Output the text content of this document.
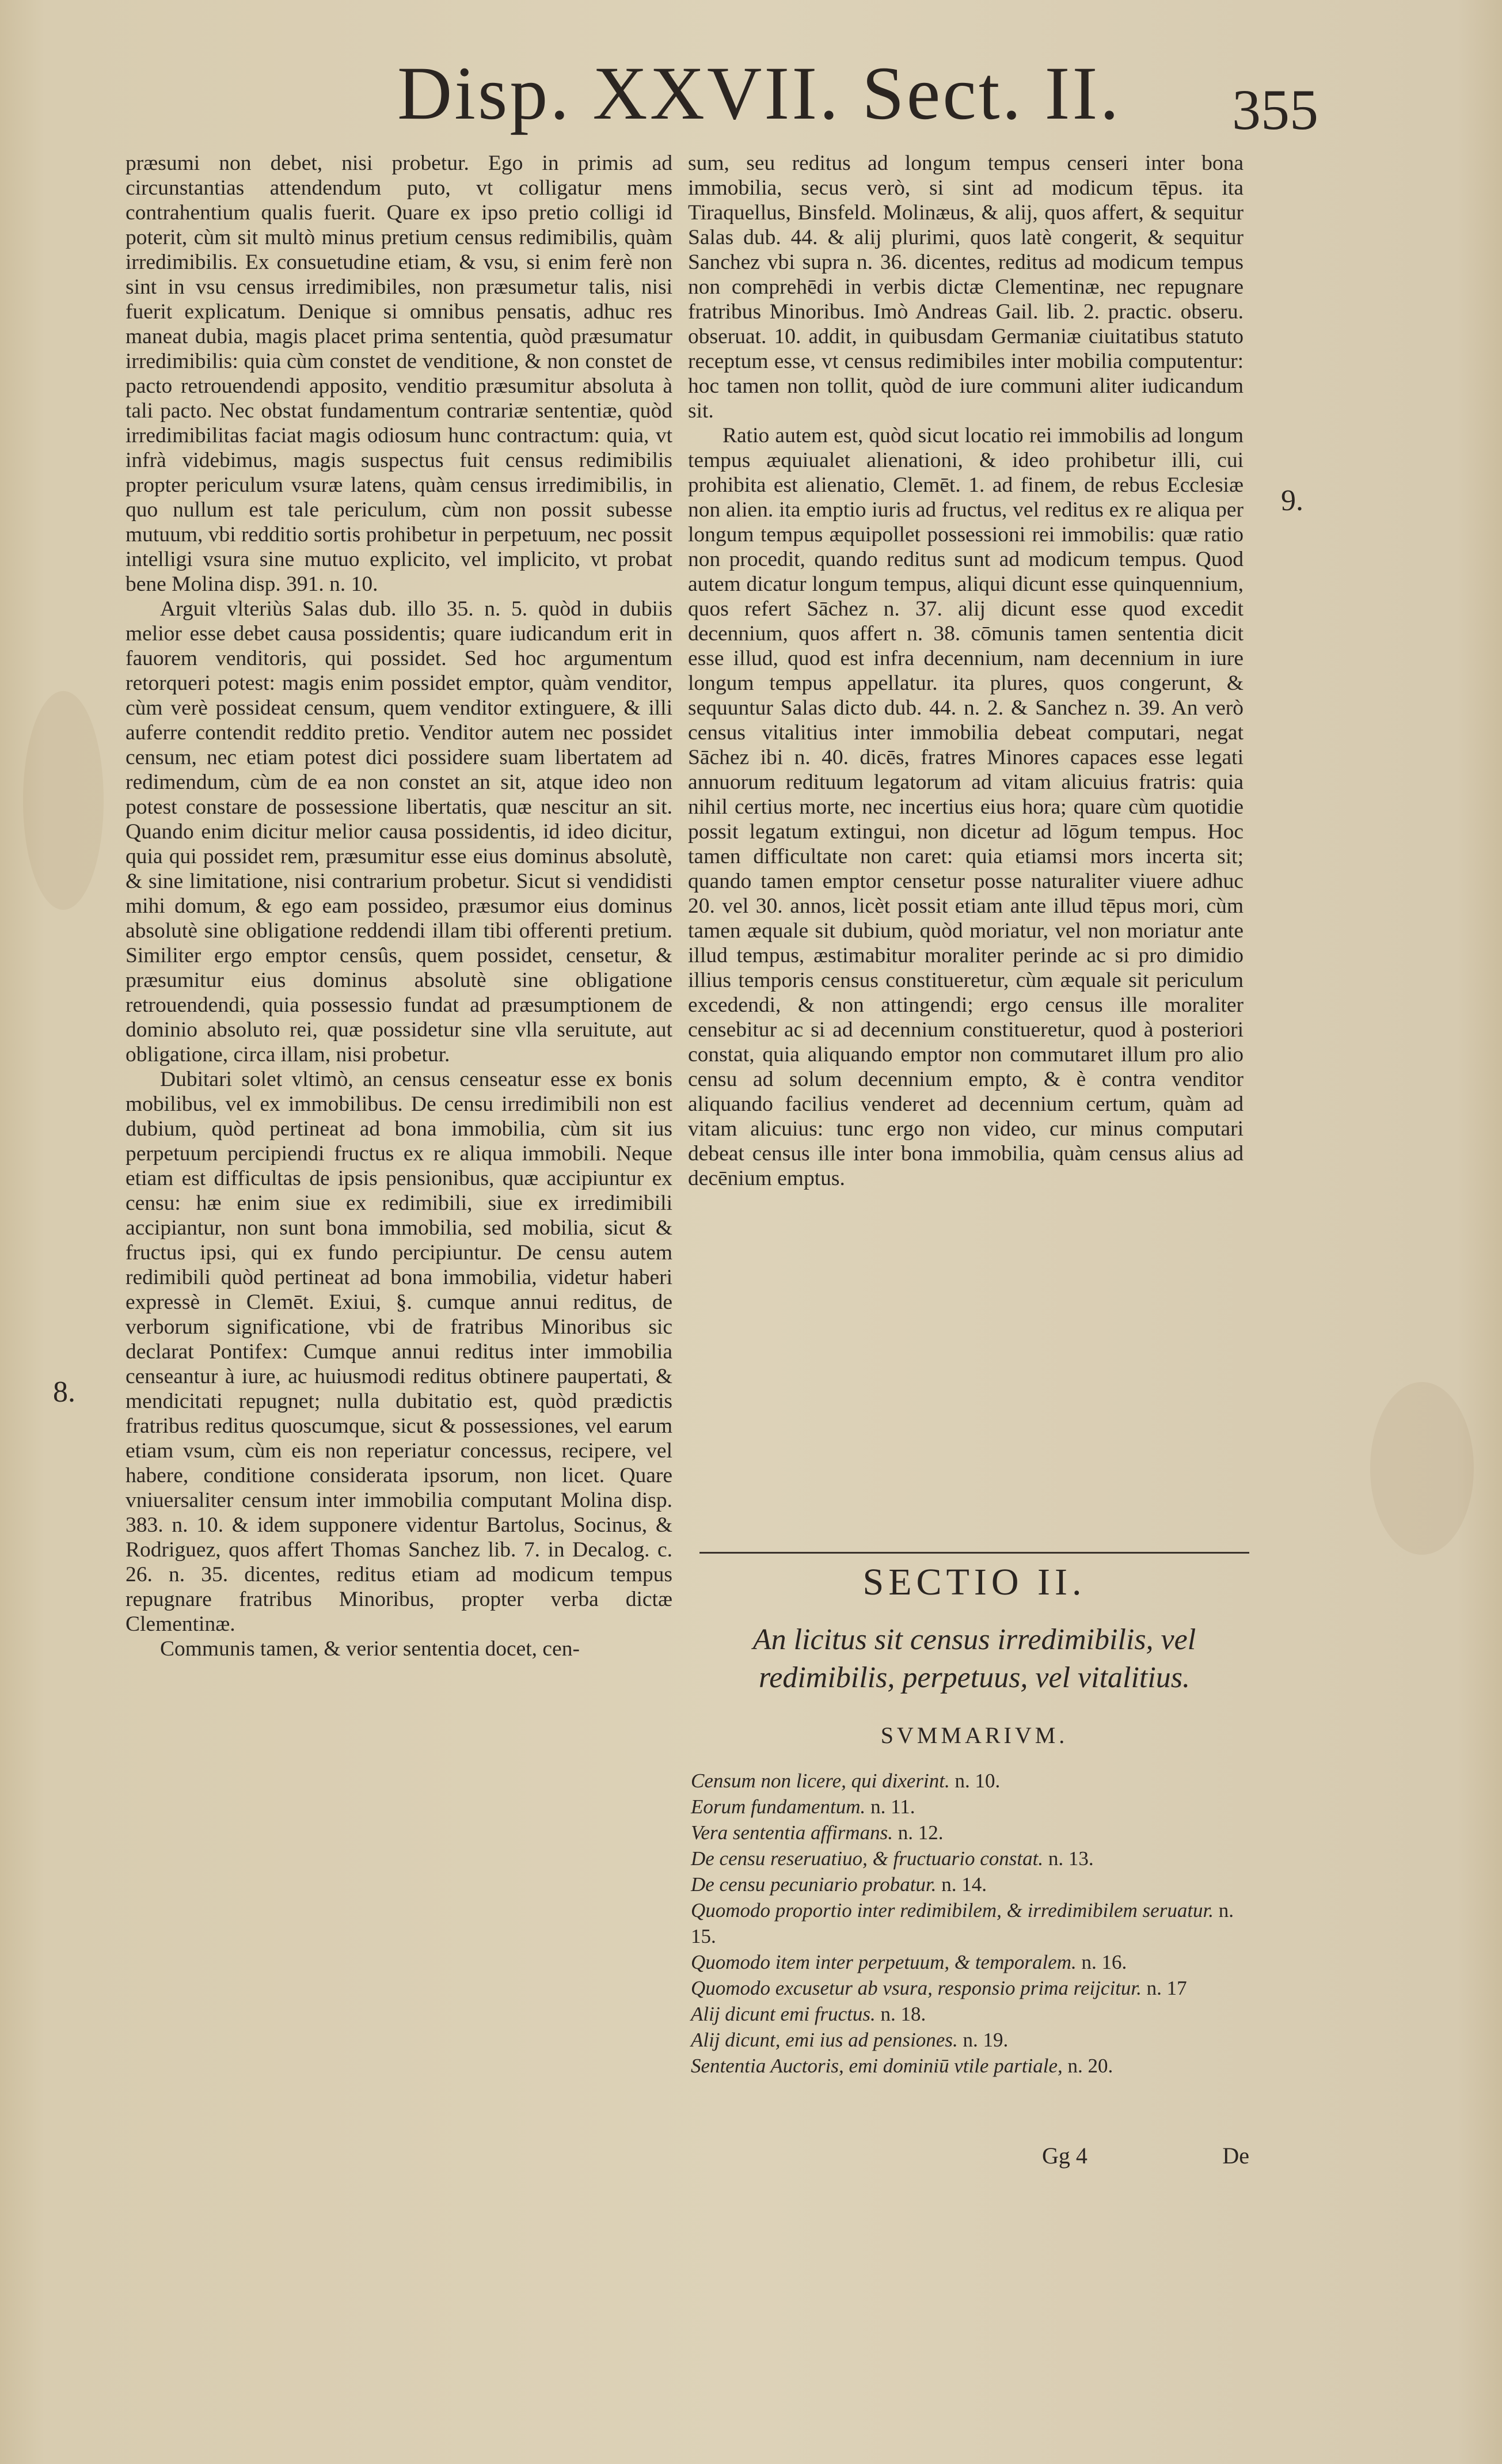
Disp. XXVII. Sect. II. 355

præsumi non debet, nisi probetur. Ego in primis ad circunstantias attendendum puto, vt colligatur mens contrahentium qualis fuerit. Quare ex ipso pretio colligi id poterit, cùm sit multò minus pretium census redimibilis, quàm irredimibilis. Ex consuetudine etiam, & vsu, si enim ferè non sint in vsu census irredimibiles, non præsumetur talis, nisi fuerit explicatum. Denique si omnibus pensatis, adhuc res maneat dubia, magis placet prima sententia, quòd præsumatur irredimibilis: quia cùm constet de venditione, & non constet de pacto retrouendendi apposito, venditio præsumitur absoluta à tali pacto. Nec obstat fundamentum contrariæ sententiæ, quòd irredimibilitas faciat magis odiosum hunc contractum: quia, vt infrà videbimus, magis suspectus fuit census redimibilis propter periculum vsuræ latens, quàm census irredimibilis, in quo nullum est tale periculum, cùm non possit subesse mutuum, vbi redditio sortis prohibetur in perpetuum, nec possit intelligi vsura sine mutuo explicito, vel implicito, vt probat bene Molina disp. 391. n. 10.

Arguit vlteriùs Salas dub. illo 35. n. 5. quòd in dubiis melior esse debet causa possidentis; quare iudicandum erit in fauorem venditoris, qui possidet. Sed hoc argumentum retorqueri potest: magis enim possidet emptor, quàm venditor, cùm verè possideat censum, quem venditor extinguere, & illi auferre contendit reddito pretio. Venditor autem nec possidet censum, nec etiam potest dici possidere suam libertatem ad redimendum, cùm de ea non constet an sit, atque ideo non potest constare de possessione libertatis, quæ nescitur an sit. Quando enim dicitur melior causa possidentis, id ideo dicitur, quia qui possidet rem, præsumitur esse eius dominus absolutè, & sine limitatione, nisi contrarium probetur. Sicut si vendidisti mihi domum, & ego eam possideo, præsumor eius dominus absolutè sine obligatione reddendi illam tibi offerenti pretium. Similiter ergo emptor censûs, quem possidet, censetur, & præsumitur eius dominus absolutè sine obligatione retrouendendi, quia possessio fundat ad præsumptionem de dominio absoluto rei, quæ possidetur sine vlla seruitute, aut obligatione, circa illam, nisi probetur.

Dubitari solet vltimò, an census censeatur esse ex bonis mobilibus, vel ex immobilibus. De censu irredimibili non est dubium, quòd pertineat ad bona immobilia, cùm sit ius perpetuum percipiendi fructus ex re aliqua immobili. Neque etiam est difficultas de ipsis pensionibus, quæ accipiuntur ex censu: hæ enim siue ex redimibili, siue ex irredimibili accipiantur, non sunt bona immobilia, sed mobilia, sicut & fructus ipsi, qui ex fundo percipiuntur. De censu autem redimibili quòd pertineat ad bona immobilia, videtur haberi expressè in Clemēt. Exiui, §. cumque annui reditus, de verborum significatione, vbi de fratribus Minoribus sic declarat Pontifex: Cumque annui reditus inter immobilia censeantur à iure, ac huiusmodi reditus obtinere paupertati, & mendicitati repugnet; nulla dubitatio est, quòd prædictis fratribus reditus quoscumque, sicut & possessiones, vel earum etiam vsum, cùm eis non reperiatur concessus, recipere, vel habere, conditione considerata ipsorum, non licet. Quare vniuersaliter censum inter immobilia computant Molina disp. 383. n. 10. & idem supponere videntur Bartolus, Socinus, & Rodriguez, quos affert Thomas Sanchez lib. 7. in Decalog. c. 26. n. 35. dicentes, reditus etiam ad modicum tempus repugnare fratribus Minoribus, propter verba dictæ Clementinæ.

Communis tamen, & verior sententia docet, cen-

8.

sum, seu reditus ad longum tempus censeri inter bona immobilia, secus verò, si sint ad modicum tēpus. ita Tiraquellus, Binsfeld. Molinæus, & alij, quos affert, & sequitur Salas dub. 44. & alij plurimi, quos latè congerit, & sequitur Sanchez vbi supra n. 36. dicentes, reditus ad modicum tempus non comprehēdi in verbis dictæ Clementinæ, nec repugnare fratribus Minoribus. Imò Andreas Gail. lib. 2. practic. obseru. obseruat. 10. addit, in quibusdam Germaniæ ciuitatibus statuto receptum esse, vt census redimibiles inter mobilia computentur: hoc tamen non tollit, quòd de iure communi aliter iudicandum sit.

Ratio autem est, quòd sicut locatio rei immobilis ad longum tempus æquiualet alienationi, & ideo prohibetur illi, cui prohibita est alienatio, Clemēt. 1. ad finem, de rebus Ecclesiæ non alien. ita emptio iuris ad fructus, vel reditus ex re aliqua per longum tempus æquipollet possessioni rei immobilis: quæ ratio non procedit, quando reditus sunt ad modicum tempus. Quod autem dicatur longum tempus, aliqui dicunt esse quinquennium, quos refert Sāchez n. 37. alij dicunt esse quod excedit decennium, quos affert n. 38. cōmunis tamen sententia dicit esse illud, quod est infra decennium, nam decennium in iure longum tempus appellatur. ita plures, quos congerunt, & sequuntur Salas dicto dub. 44. n. 2. & Sanchez n. 39. An verò census vitalitius inter immobilia debeat computari, negat Sāchez ibi n. 40. dicēs, fratres Minores capaces esse legati annuorum redituum legatorum ad vitam alicuius fratris: quia nihil certius morte, nec incertius eius hora; quare cùm quotidie possit legatum extingui, non dicetur ad lōgum tempus. Hoc tamen difficultate non caret: quia etiamsi mors incerta sit; quando tamen emptor censetur posse naturaliter viuere adhuc 20. vel 30. annos, licèt possit etiam ante illud tēpus mori, cùm tamen æquale sit dubium, quòd moriatur, vel non moriatur ante illud tempus, æstimabitur moraliter perinde ac si pro dimidio illius temporis census constitueretur, cùm æquale sit periculum excedendi, & non attingendi; ergo census ille moraliter censebitur ac si ad decennium constitueretur, quod à posteriori constat, quia aliquando emptor non commutaret illum pro alio censu ad solum decennium empto, & è contra venditor aliquando facilius venderet ad decennium certum, quàm ad vitam alicuius: tunc ergo non video, cur minus computari debeat census ille inter bona immobilia, quàm census alius ad decēnium emptus.

9.
SECTIO II.
An licitus sit census irredimibilis, vel redimibilis, perpetuus, vel vitalitius.
SVMMARIVM.
Censum non licere, qui dixerint. n. 10.
Eorum fundamentum. n. 11.
Vera sententia affirmans. n. 12.
De censu reseruatiuo, & fructuario constat. n. 13.
De censu pecuniario probatur. n. 14.
Quomodo proportio inter redimibilem, & irredimibilem seruatur. n. 15.
Quomodo item inter perpetuum, & temporalem. n. 16.
Quomodo excusetur ab vsura, responsio prima reijcitur. n. 17
Alij dicunt emi fructus. n. 18.
Alij dicunt, emi ius ad pensiones. n. 19.
Sententia Auctoris, emi dominiū vtile partiale, n. 20.
Gg 4	De
